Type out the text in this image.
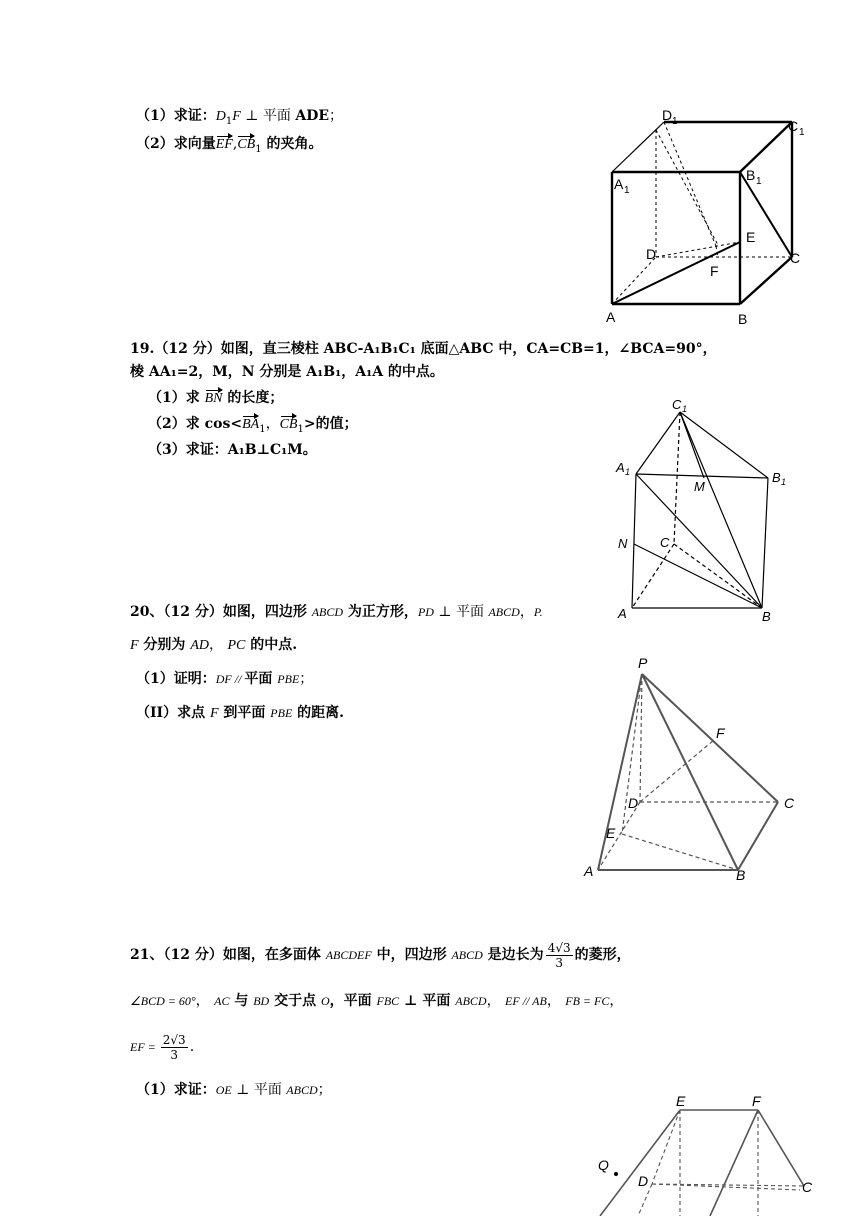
（1）求证：$D_1F$ ⊥ 平面 ADE；
（2）求向量$EF,CB_1$ 的夹角。
D 1	C 1
A 1
B 1
E
D
F
C
A	B
19.（12 分）如图，直三棱柱 ABC-A₁B₁C₁ 底面△ABC 中，CA=CB=1，∠BCA=90°，
棱 AA₁=2，M，N 分别是 A₁B₁，A₁A 的中点。
（1）求 BN 的长度；
（2）求 $\cos<BA_1$，$CB_1>$的值；
（3）求证：A₁B⊥C₁M。
C 1
A 1
M
B 1
N	C
A	B
20、（12 分）如图，四边形 ABCD 为正方形，PD ⊥ 平面 ABCD，P.
F 分别为 AD， PC 的中点.
（1）证明：DF // 平面 PBE；
（II）求点 F 到平面 PBE 的距离.
P
F
D	C
E
A	B
21、（12 分）如图，在多面体 ABCDEF 中，四边形 ABCD 是边长为 $\frac{4√3}{3}$ 的菱形，
∠BCD = 60°， AC 与 BD 交于点 O，平面 FBC ⊥ 平面 ABCD， EF // AB， FB = FC，
EF = $\frac{2√3}{3}$ .
（1）求证：OE ⊥ 平面 ABCD；
E	F
Q
D	C
